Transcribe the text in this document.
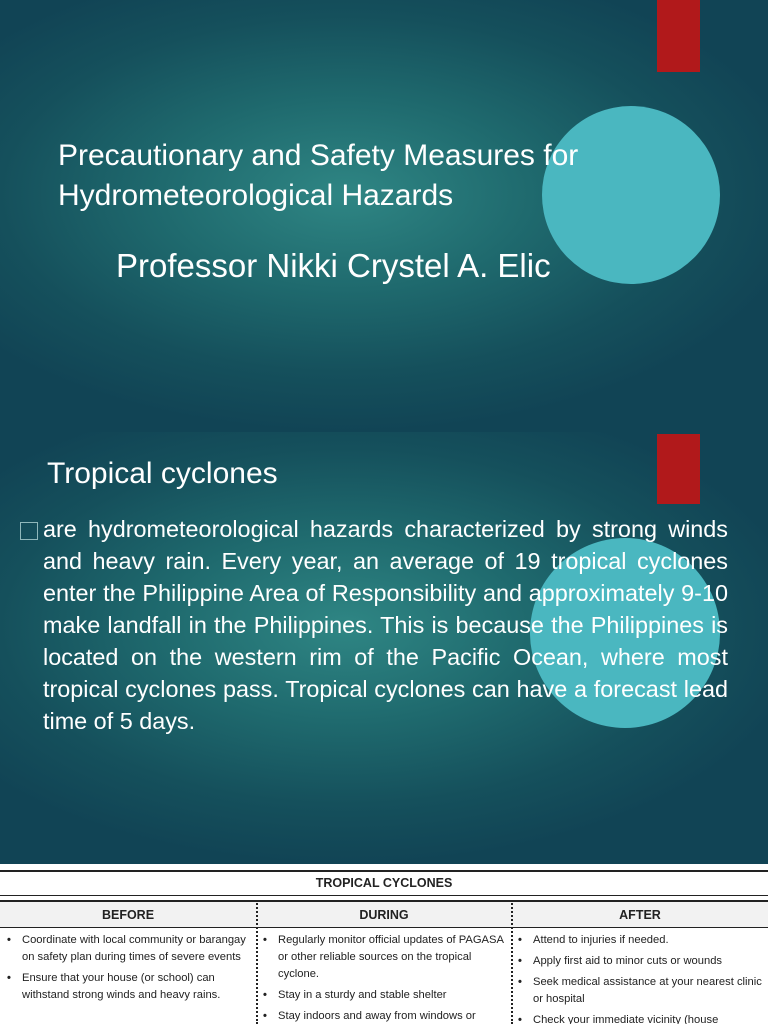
Precautionary and Safety Measures for
Hydrometeorological Hazards
Professor Nikki Crystel A. Elic
Tropical cyclones
are hydrometeorological hazards characterized by strong winds and heavy rain. Every year, an average of 19 tropical cyclones enter the Philippine Area of Responsibility and approximately 9-10 make landfall in the Philippines. This is because the Philippines is located on the western rim of the Pacific Ocean, where most tropical cyclones pass. Tropical cyclones can have a forecast lead time of 5 days.
TROPICAL CYCLONES
BEFORE	DURING	AFTER
• Coordinate with local community or barangay on safety plan during times of severe events
• Ensure that your house (or school) can withstand strong winds and heavy rains.
• Regularly monitor official updates of PAGASA or other reliable sources on the tropical cyclone.
• Stay in a sturdy and stable shelter
• Stay indoors and away from windows or
• Attend to injuries if needed.
• Apply first aid to minor cuts or wounds
• Seek medical assistance at your nearest clinic or hospital
• Check your immediate vicinity (house
